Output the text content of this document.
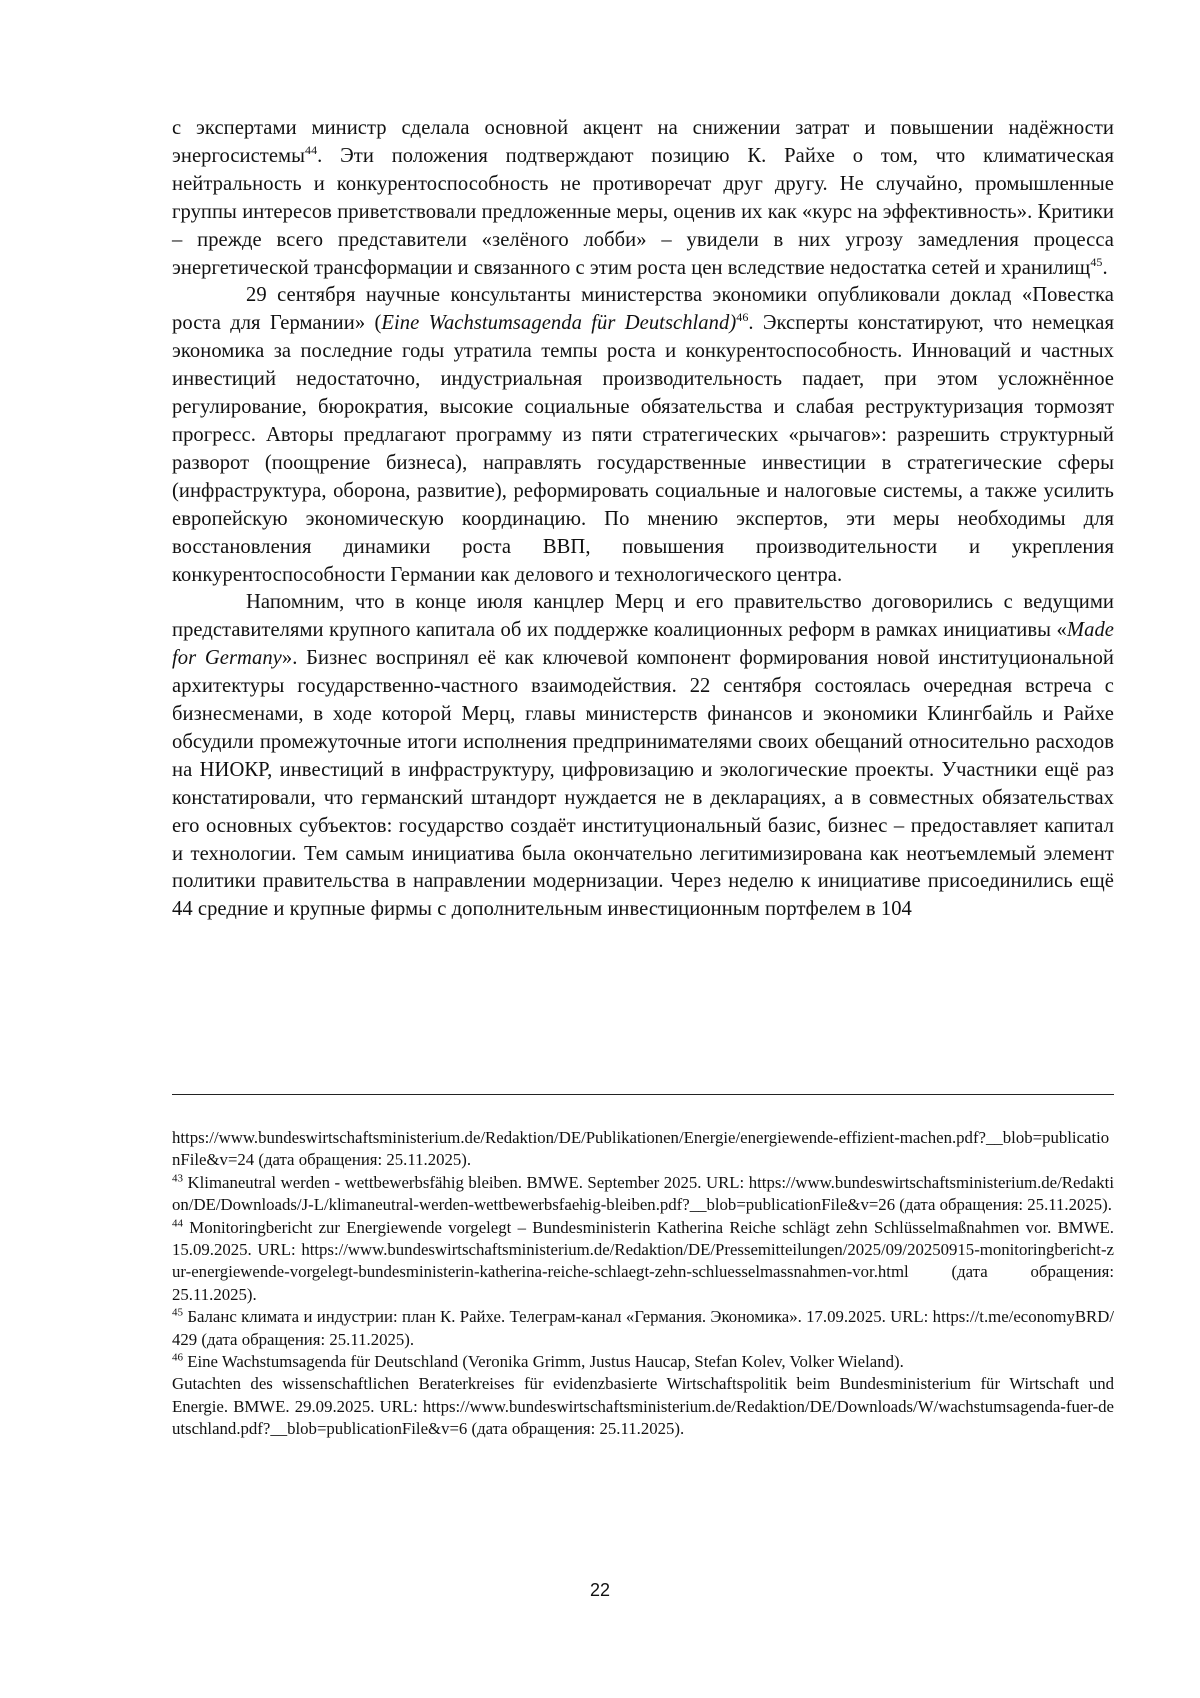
с экспертами министр сделала основной акцент на снижении затрат и повышении надёжности энергосистемы$^{44}$. Эти положения подтверждают позицию К. Райхе о том, что климатическая нейтральность и конкурентоспособность не противоречат друг другу. Не случайно, промышленные группы интересов приветствовали предложенные меры, оценив их как «курс на эффективность». Критики – прежде всего представители «зелёного лобби» – увидели в них угрозу замедления процесса энергетической трансформации и связанного с этим роста цен вследствие недостатка сетей и хранилищ$^{45}$.

29 сентября научные консультанты министерства экономики опубликовали доклад «Повестка роста для Германии» (Eine Wachstumsagenda für Deutschland)$^{46}$. Эксперты констатируют, что немецкая экономика за последние годы утратила темпы роста и конкурентоспособность. Инноваций и частных инвестиций недостаточно, индустриальная производительность падает, при этом усложнённое регулирование, бюрократия, высокие социальные обязательства и слабая реструктуризация тормозят прогресс. Авторы предлагают программу из пяти стратегических «рычагов»: разрешить структурный разворот (поощрение бизнеса), направлять государственные инвестиции в стратегические сферы (инфраструктура, оборона, развитие), реформировать социальные и налоговые системы, а также усилить европейскую экономическую координацию. По мнению экспертов, эти меры необходимы для восстановления динамики роста ВВП, повышения производительности и укрепления конкурентоспособности Германии как делового и технологического центра.

Напомним, что в конце июля канцлер Мерц и его правительство договорились с ведущими представителями крупного капитала об их поддержке коалиционных реформ в рамках инициативы «Made for Germany». Бизнес воспринял её как ключевой компонент формирования новой институциональной архитектуры государственно-частного взаимодействия. 22 сентября состоялась очередная встреча с бизнесменами, в ходе которой Мерц, главы министерств финансов и экономики Клингбайль и Райхе обсудили промежуточные итоги исполнения предпринимателями своих обещаний относительно расходов на НИОКР, инвестиций в инфраструктуру, цифровизацию и экологические проекты. Участники ещё раз констатировали, что германский штандорт нуждается не в декларациях, а в совместных обязательствах его основных субъектов: государство создаёт институциональный базис, бизнес – предоставляет капитал и технологии. Тем самым инициатива была окончательно легитимизирована как неотъемлемый элемент политики правительства в направлении модернизации. Через неделю к инициативе присоединились ещё 44 средние и крупные фирмы с дополнительным инвестиционным портфелем в 104

https://www.bundeswirtschaftsministerium.de/Redaktion/DE/Publikationen/Energie/energiewende-effizient-machen.pdf?__blob=publicationFile&v=24 (дата обращения: 25.11.2025).

$^{43}$ Klimaneutral werden - wettbewerbsfähig bleiben. BMWE. September 2025. URL: https://www.bundeswirtschaftsministerium.de/Redaktion/DE/Downloads/J-L/klimaneutral-werden-wettbewerbsfaehig-bleiben.pdf?__blob=publicationFile&v=26 (дата обращения: 25.11.2025).

$^{44}$ Monitoringbericht zur Energiewende vorgelegt – Bundesministerin Katherina Reiche schlägt zehn Schlüsselmaßnahmen vor. BMWE. 15.09.2025. URL: https://www.bundeswirtschaftsministerium.de/Redaktion/DE/Pressemitteilungen/2025/09/20250915-monitoringbericht-zur-energiewende-vorgelegt-bundesministerin-katherina-reiche-schlaegt-zehn-schluesselmassnahmen-vor.html (дата обращения: 25.11.2025).

$^{45}$ Баланс климата и индустрии: план К. Райхе. Телеграм-канал «Германия. Экономика». 17.09.2025. URL: https://t.me/economyBRD/429 (дата обращения: 25.11.2025).

$^{46}$ Eine Wachstumsagenda für Deutschland (Veronika Grimm, Justus Haucap, Stefan Kolev, Volker Wieland).

Gutachten des wissenschaftlichen Beraterkreises für evidenzbasierte Wirtschaftspolitik beim Bundesministerium für Wirtschaft und Energie. BMWE. 29.09.2025. URL: https://www.bundeswirtschaftsministerium.de/Redaktion/DE/Downloads/W/wachstumsagenda-fuer-deutschland.pdf?__blob=publicationFile&v=6 (дата обращения: 25.11.2025).

22
